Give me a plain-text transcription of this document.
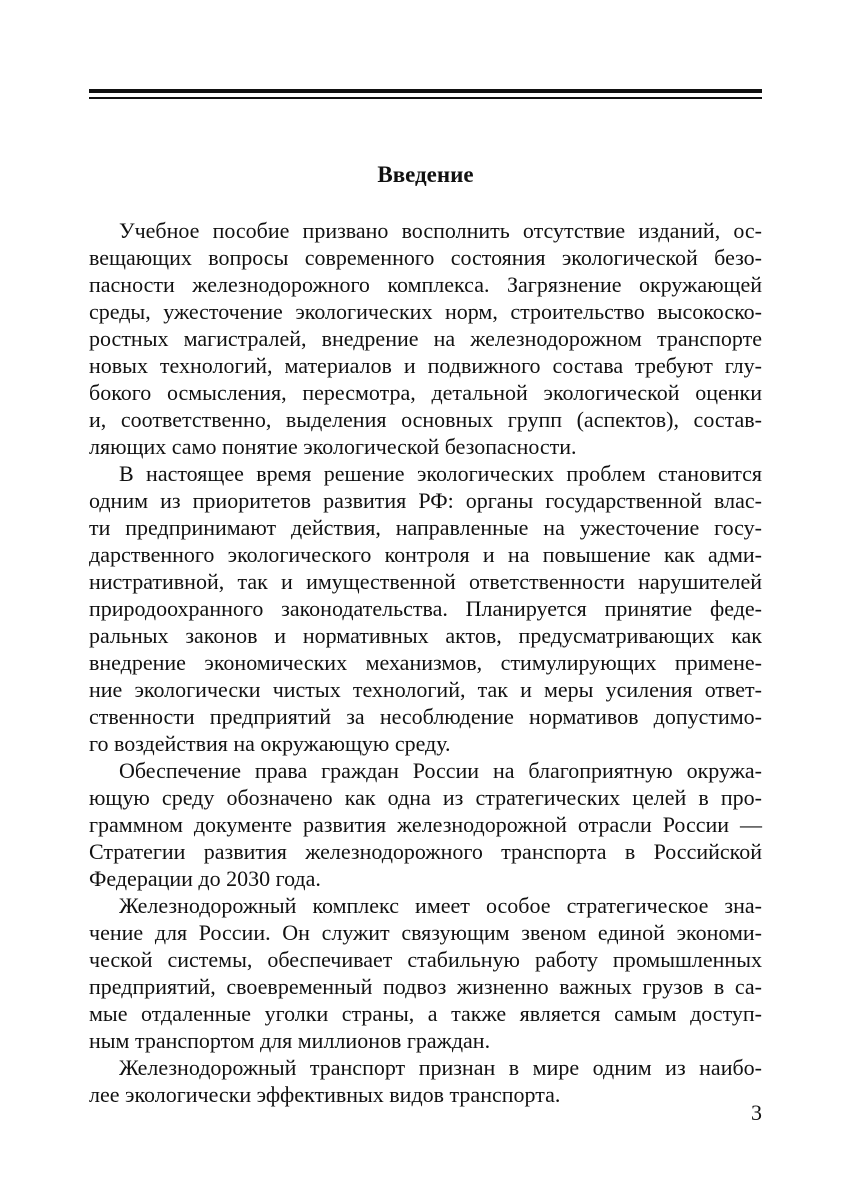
Введение
Учебное пособие призвано восполнить отсутствие изданий, ос-
вещающих вопросы современного состояния экологической безо-
пасности железнодорожного комплекса. Загрязнение окружающей
среды, ужесточение экологических норм, строительство высокоско-
ростных магистралей, внедрение на железнодорожном транспорте
новых технологий, материалов и подвижного состава требуют глу-
бокого осмысления, пересмотра, детальной экологической оценки
и, соответственно, выделения основных групп (аспектов), состав-
ляющих само понятие экологической безопасности.
В настоящее время решение экологических проблем становится
одним из приоритетов развития РФ: органы государственной влас-
ти предпринимают действия, направленные на ужесточение госу-
дарственного экологического контроля и на повышение как адми-
нистративной, так и имущественной ответственности нарушителей
природоохранного законодательства. Планируется принятие феде-
ральных законов и нормативных актов, предусматривающих как
внедрение экономических механизмов, стимулирующих примене-
ние экологически чистых технологий, так и меры усиления ответ-
ственности предприятий за несоблюдение нормативов допустимо-
го воздействия на окружающую среду.
Обеспечение права граждан России на благоприятную окружа-
ющую среду обозначено как одна из стратегических целей в про-
граммном документе развития железнодорожной отрасли России —
Стратегии развития железнодорожного транспорта в Российской
Федерации до 2030 года.
Железнодорожный комплекс имеет особое стратегическое зна-
чение для России. Он служит связующим звеном единой экономи-
ческой системы, обеспечивает стабильную работу промышленных
предприятий, своевременный подвоз жизненно важных грузов в са-
мые отдаленные уголки страны, а также является самым доступ-
ным транспортом для миллионов граждан.
Железнодорожный транспорт признан в мире одним из наибо-
лее экологически эффективных видов транспорта.
3
